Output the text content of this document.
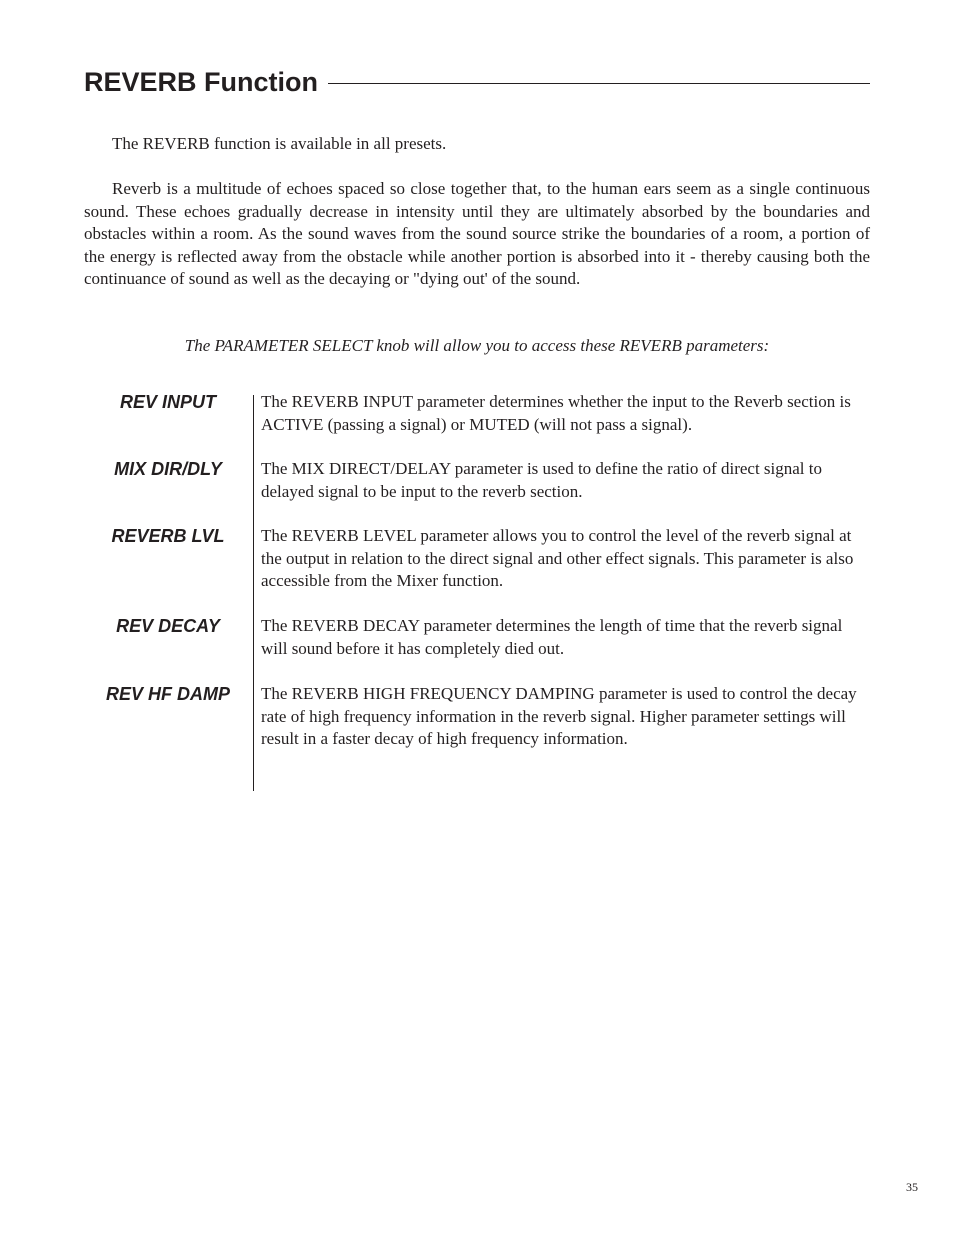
REVERB Function

The REVERB function is available in all presets.

Reverb is a multitude of echoes spaced so close together that, to the human ears seem as a single continuous sound. These echoes gradually decrease in intensity until they are ultimately absorbed by the boundaries and obstacles within a room. As the sound waves from the sound source strike the boundaries of a room, a portion of the energy is reflected away from the obstacle while another portion is absorbed into it - thereby causing both the continuance of sound as well as the decaying or "dying out' of the sound.

The PARAMETER SELECT knob will allow you to access these REVERB parameters:

REV INPUT	The REVERB INPUT parameter determines whether the input to the Reverb section is ACTIVE (passing a signal) or MUTED (will not pass a signal).

MIX DIR/DLY	The MIX DIRECT/DELAY parameter is used to define the ratio of direct signal to delayed signal to be input to the reverb section.

REVERB LVL	The REVERB LEVEL parameter allows you to control the level of the reverb signal at the output in relation to the direct signal and other effect signals. This parameter is also accessible from the Mixer function.

REV DECAY	The REVERB DECAY parameter determines the length of time that the reverb signal will sound before it has completely died out.

REV HF DAMP	The REVERB HIGH FREQUENCY DAMPING parameter is used to control the decay rate of high frequency information in the reverb signal. Higher parameter settings will result in a faster decay of high frequency information.

35
